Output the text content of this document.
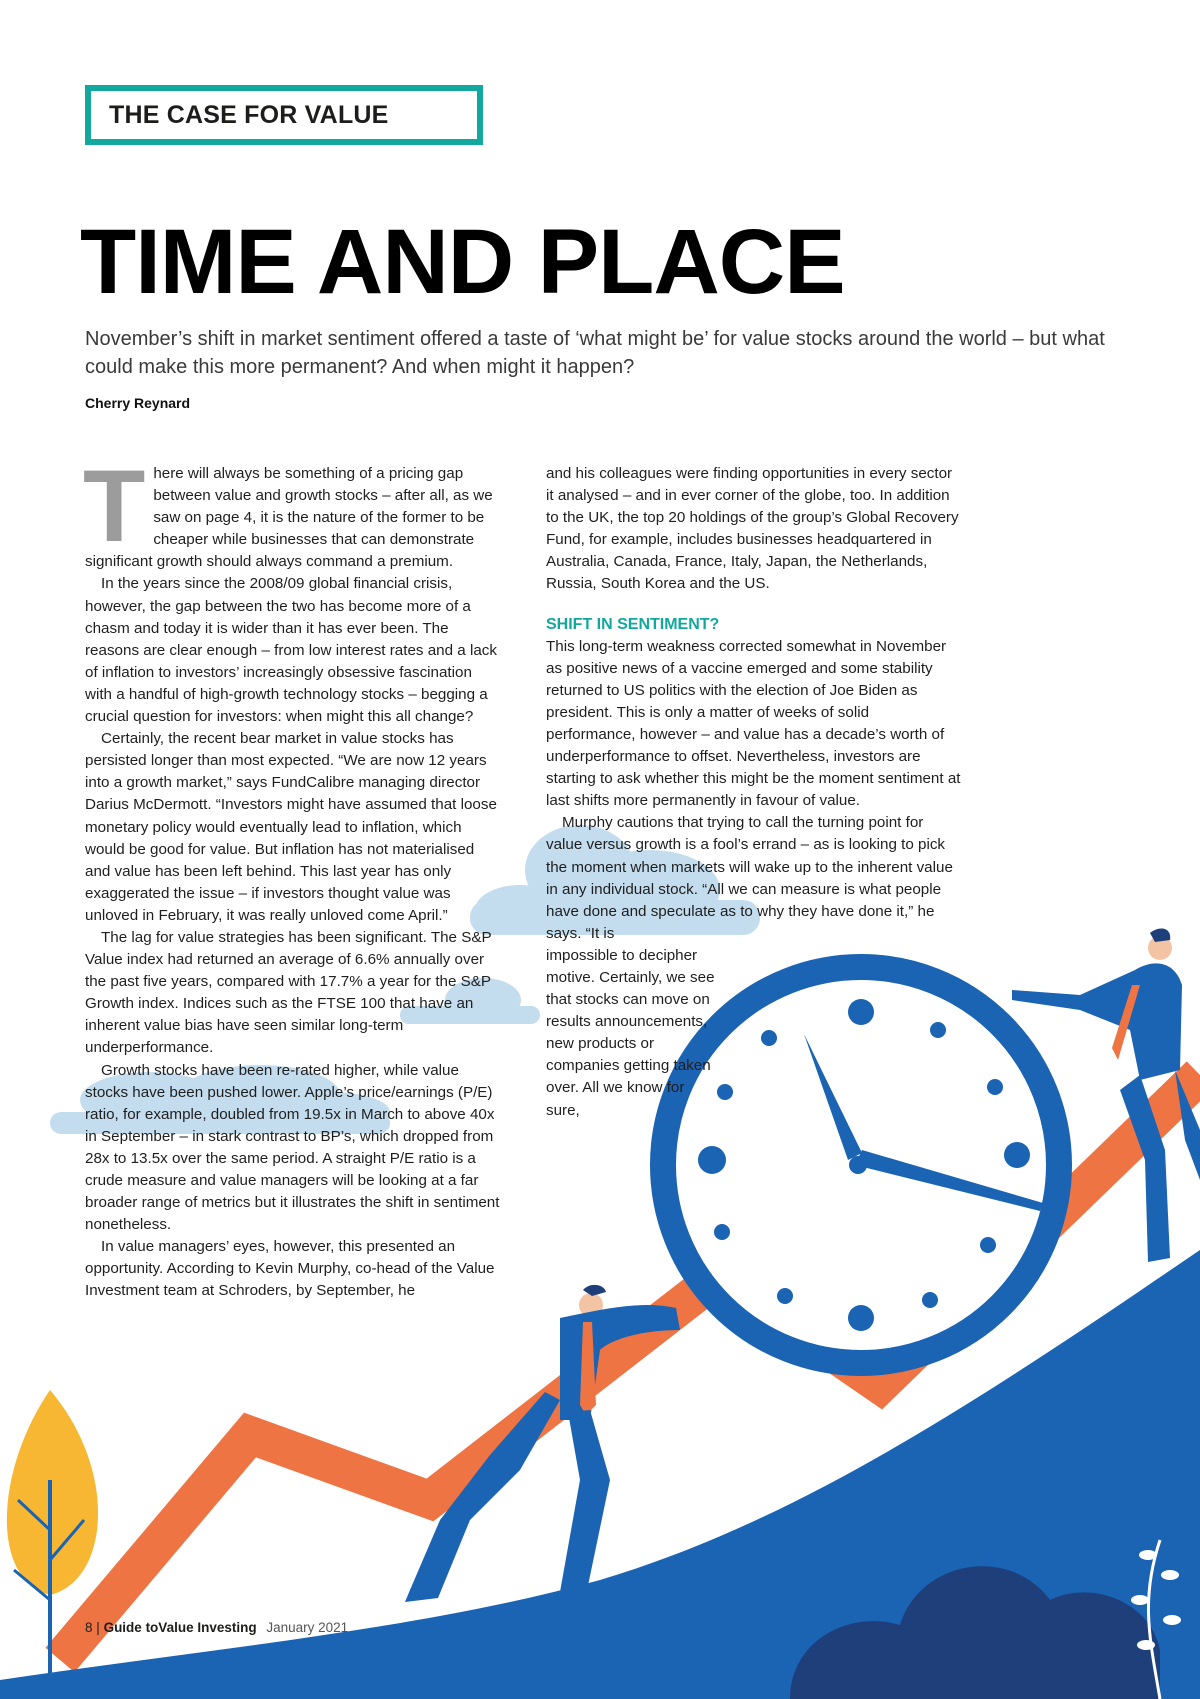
THE CASE FOR VALUE
TIME AND PLACE
November’s shift in market sentiment offered a taste of ‘what might be’ for value stocks around the world – but what could make this more permanent? And when might it happen?
Cherry Reynard

There will always be something of a pricing gap between value and growth stocks – after all, as we saw on page 4, it is the nature of the former to be cheaper while businesses that can demonstrate significant growth should always command a premium.

In the years since the 2008/09 global financial crisis, however, the gap between the two has become more of a chasm and today it is wider than it has ever been. The reasons are clear enough – from low interest rates and a lack of inflation to investors’ increasingly obsessive fascination with a handful of high-growth technology stocks – begging a crucial question for investors: when might this all change?

Certainly, the recent bear market in value stocks has persisted longer than most expected. “We are now 12 years into a growth market,” says FundCalibre managing director Darius McDermott. “Investors might have assumed that loose monetary policy would eventually lead to inflation, which would be good for value. But inflation has not materialised and value has been left behind. This last year has only exaggerated the issue – if investors thought value was unloved in February, it was really unloved come April.”

The lag for value strategies has been significant. The S&P Value index had returned an average of 6.6% annually over the past five years, compared with 17.7% a year for the S&P Growth index. Indices such as the FTSE 100 that have an inherent value bias have seen similar long-term underperformance.

Growth stocks have been re-rated higher, while value stocks have been pushed lower. Apple’s price/earnings (P/E) ratio, for example, doubled from 19.5x in March to above 40x in September – in stark contrast to BP’s, which dropped from 28x to 13.5x over the same period. A straight P/E ratio is a crude measure and value managers will be looking at a far broader range of metrics but it illustrates the shift in sentiment nonetheless.

In value managers’ eyes, however, this presented an opportunity. According to Kevin Murphy, co-head of the Value Investment team at Schroders, by September, he

and his colleagues were finding opportunities in every sector it analysed – and in ever corner of the globe, too. In addition to the UK, the top 20 holdings of the group’s Global Recovery Fund, for example, includes businesses headquartered in Australia, Canada, France, Italy, Japan, the Netherlands, Russia, South Korea and the US.

SHIFT IN SENTIMENT?

This long-term weakness corrected somewhat in November as positive news of a vaccine emerged and some stability returned to US politics with the election of Joe Biden as president. This is only a matter of weeks of solid performance, however – and value has a decade’s worth of underperformance to offset. Nevertheless, investors are starting to ask whether this might be the moment sentiment at last shifts more permanently in favour of value.

Murphy cautions that trying to call the turning point for value versus growth is a fool’s errand – as is looking to pick the moment when markets will wake up to the inherent value in any individual stock. “All we can measure is what people have done and speculate as to why they have done it,” he says. “It is

impossible to decipher motive. Certainly, we see that stocks can move on results announcements, new products or companies getting taken over. All we know for sure,

8 | Guide toValue Investing January 2021
